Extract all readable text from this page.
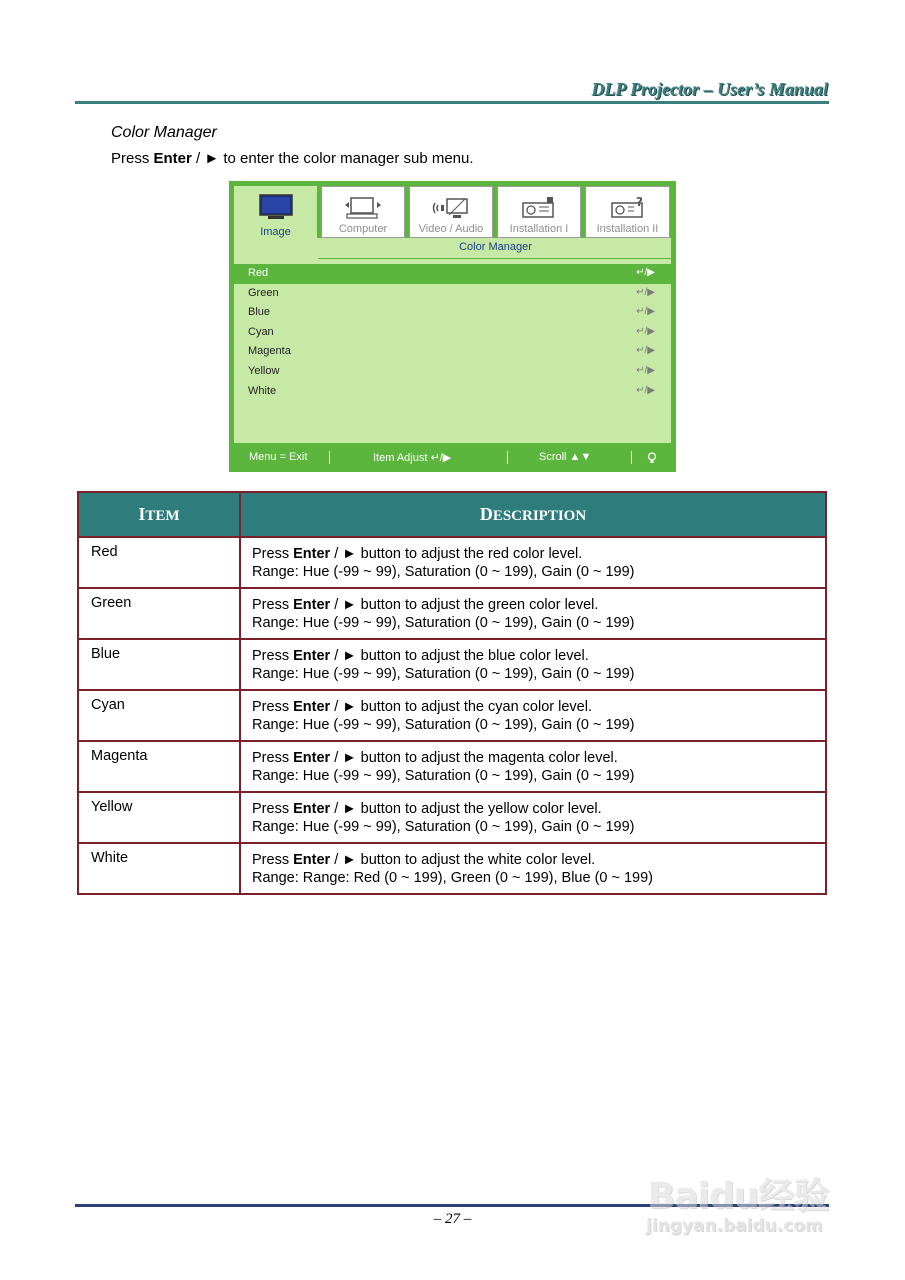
DLP Projector – User’s Manual
Color Manager
Press Enter / ► to enter the color manager sub menu.
Image	Computer	Video / Audio	Installation I
?
Installation II
Color Manager
Red	↵/▶
Green	↵/▶
Blue	↵/▶
Cyan	↵/▶
Magenta	↵/▶
Yellow	↵/▶
White	↵/▶
Menu = Exit	Item Adjust ↵/▶	Scroll ▲▼
ITEM	DESCRIPTION
Red	Press Enter / ► button to adjust the red color level.
Range: Hue (-99 ~ 99), Saturation (0 ~ 199), Gain (0 ~ 199)
Green	Press Enter / ► button to adjust the green color level.
Range: Hue (-99 ~ 99), Saturation (0 ~ 199), Gain (0 ~ 199)
Blue	Press Enter / ► button to adjust the blue color level.
Range: Hue (-99 ~ 99), Saturation (0 ~ 199), Gain (0 ~ 199)
Cyan	Press Enter / ► button to adjust the cyan color level.
Range: Hue (-99 ~ 99), Saturation (0 ~ 199), Gain (0 ~ 199)
Magenta	Press Enter / ► button to adjust the magenta color level.
Range: Hue (-99 ~ 99), Saturation (0 ~ 199), Gain (0 ~ 199)
Yellow	Press Enter / ► button to adjust the yellow color level.
Range: Hue (-99 ~ 99), Saturation (0 ~ 199), Gain (0 ~ 199)
White	Press Enter / ► button to adjust the white color level.
Range: Range: Red (0 ~ 199), Green (0 ~ 199), Blue (0 ~ 199)
– 27 –
Baidu经验
jingyan.baidu.com
